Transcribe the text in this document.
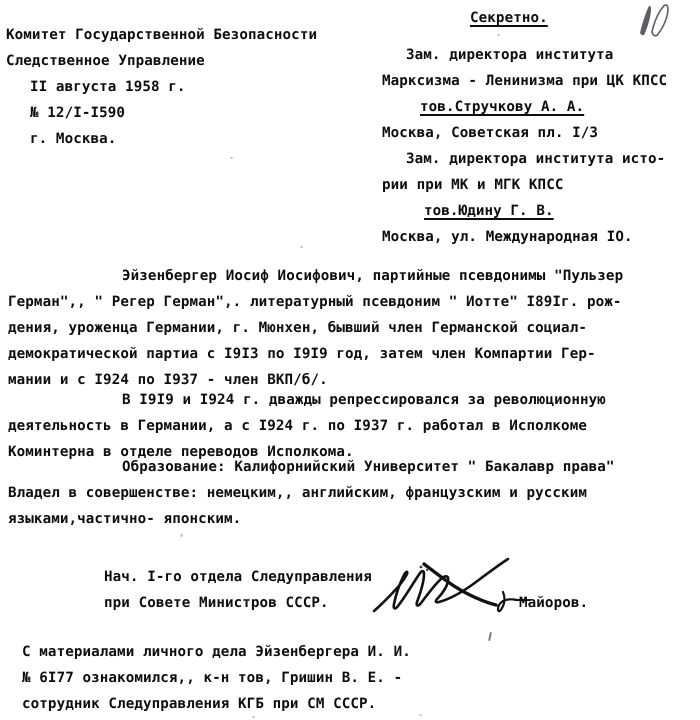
Комитет Государственной Безопасности
Следственное Управление
II августа 1958 г.
№ 12/I-I590
г. Москва.
Секретно.
Зам. директора института
Марксизма - Ленинизма при ЦК КПСС
тов.Стручкову А. А.
Москва, Советская пл. I/З
Зам. директора института исто-
рии при МК и МГК КПСС
тов.Юдину Г. В.
Москва, ул. Международная IO.
Эйзенбергер Иосиф Иосифович, партийные псевдонимы "Пульзер
Герман",, " Регер Герман",. литературный псевдоним " Иотте" I89Iг. рож-
дения, уроженца Германии, г. Мюнхен, бывший член Германской социал-
демократической партиа с I9I3 по I9I9 год, затем член Компартии Гер-
мании и с I924 по I937 - член ВКП/б/.
В I9I9 и I924 г. дважды репрессировался за революционную
деятельность в Германии, а с I924 г. по I937 г. работал в Исполкоме
Коминтерна в отделе переводов Исполкома.
Образование: Калифорнийский Университет " Бакалавр права"
Владел в совершенстве: немецким,, английским, французским и русским
языками,частично- японским.
Нач. I-го отдела Следуправления
при Совете Министров СССР.	Майоров.
С материалами личного дела Эйзенбергера И. И.
№ 6I77 ознакомился,, к-н тов, Гришин В. Е. -
сотрудник Следуправления КГБ при СМ СССР.
